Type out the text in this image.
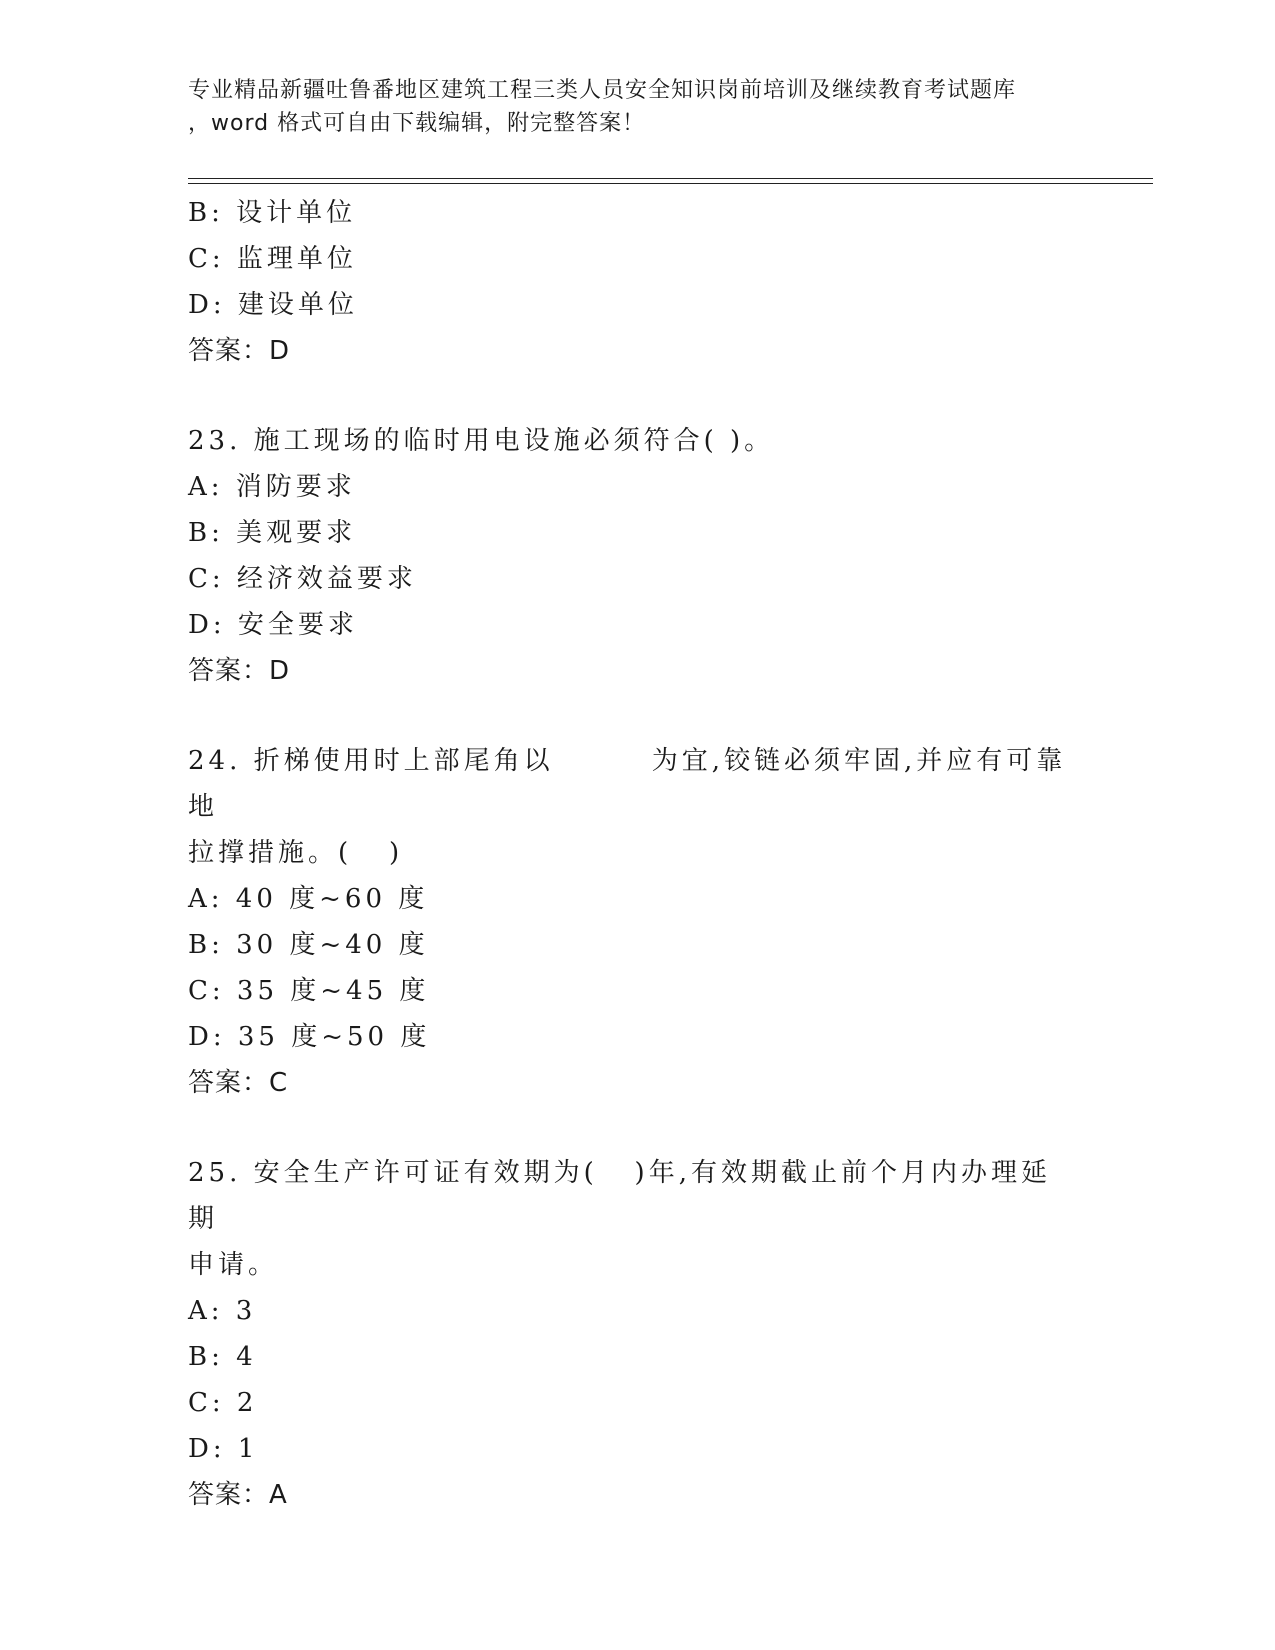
专业精品新疆吐鲁番地区建筑工程三类人员安全知识岗前培训及继续教育考试题库
，word 格式可自由下载编辑，附完整答案！
B: 设计单位
C: 监理单位
D: 建设单位
答案：D
23. 施工现场的临时用电设施必须符合( )。
A: 消防要求
B: 美观要求
C: 经济效益要求
D: 安全要求
答案：D
24. 折梯使用时上部尾角以        为宜,铰链必须牢固,并应有可靠地
拉撑措施。(   )
A: 40 度~60 度
B: 30 度~40 度
C: 35 度~45 度
D: 35 度~50 度
答案：C
25. 安全生产许可证有效期为(   )年,有效期截止前个月内办理延期
申请。
A: 3
B: 4
C: 2
D: 1
答案：A
